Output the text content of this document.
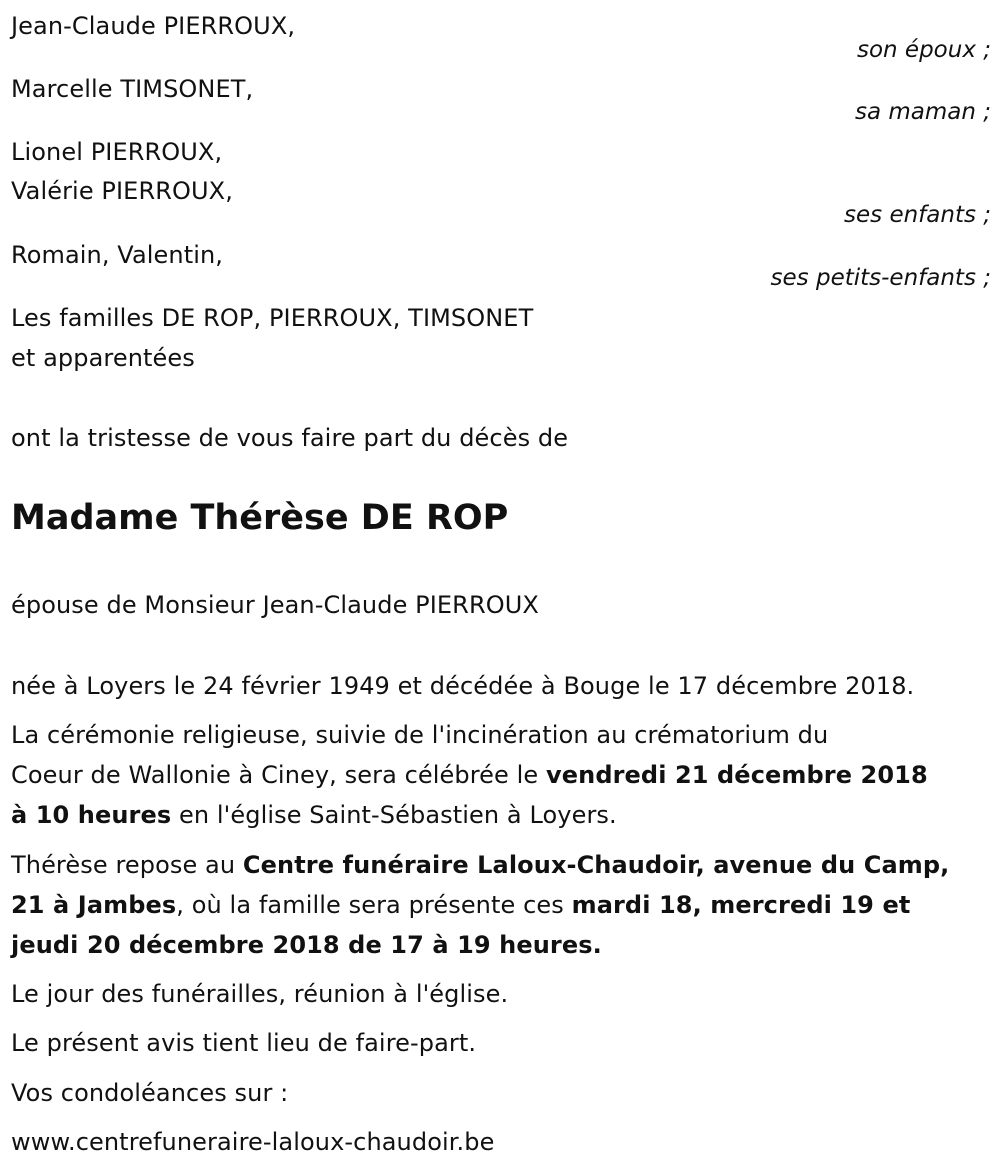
Jean-Claude PIERROUX,
son époux ;
Marcelle TIMSONET,
sa maman ;
Lionel PIERROUX,
Valérie PIERROUX,
ses enfants ;
Romain, Valentin,
ses petits-enfants ;
Les familles DE ROP, PIERROUX, TIMSONET
et apparentées
ont la tristesse de vous faire part du décès de
Madame Thérèse DE ROP
épouse de Monsieur Jean-Claude PIERROUX
née à Loyers le 24 février 1949 et décédée à Bouge le 17 décembre 2018.
La cérémonie religieuse, suivie de l'incinération au crématorium du
Coeur de Wallonie à Ciney, sera célébrée le vendredi 21 décembre 2018
à 10 heures en l'église Saint-Sébastien à Loyers.
Thérèse repose au Centre funéraire Laloux-Chaudoir, avenue du Camp,
21 à Jambes, où la famille sera présente ces mardi 18, mercredi 19 et
jeudi 20 décembre 2018 de 17 à 19 heures.
Le jour des funérailles, réunion à l'église.
Le présent avis tient lieu de faire-part.
Vos condoléances sur :
www.centrefuneraire-laloux-chaudoir.be
